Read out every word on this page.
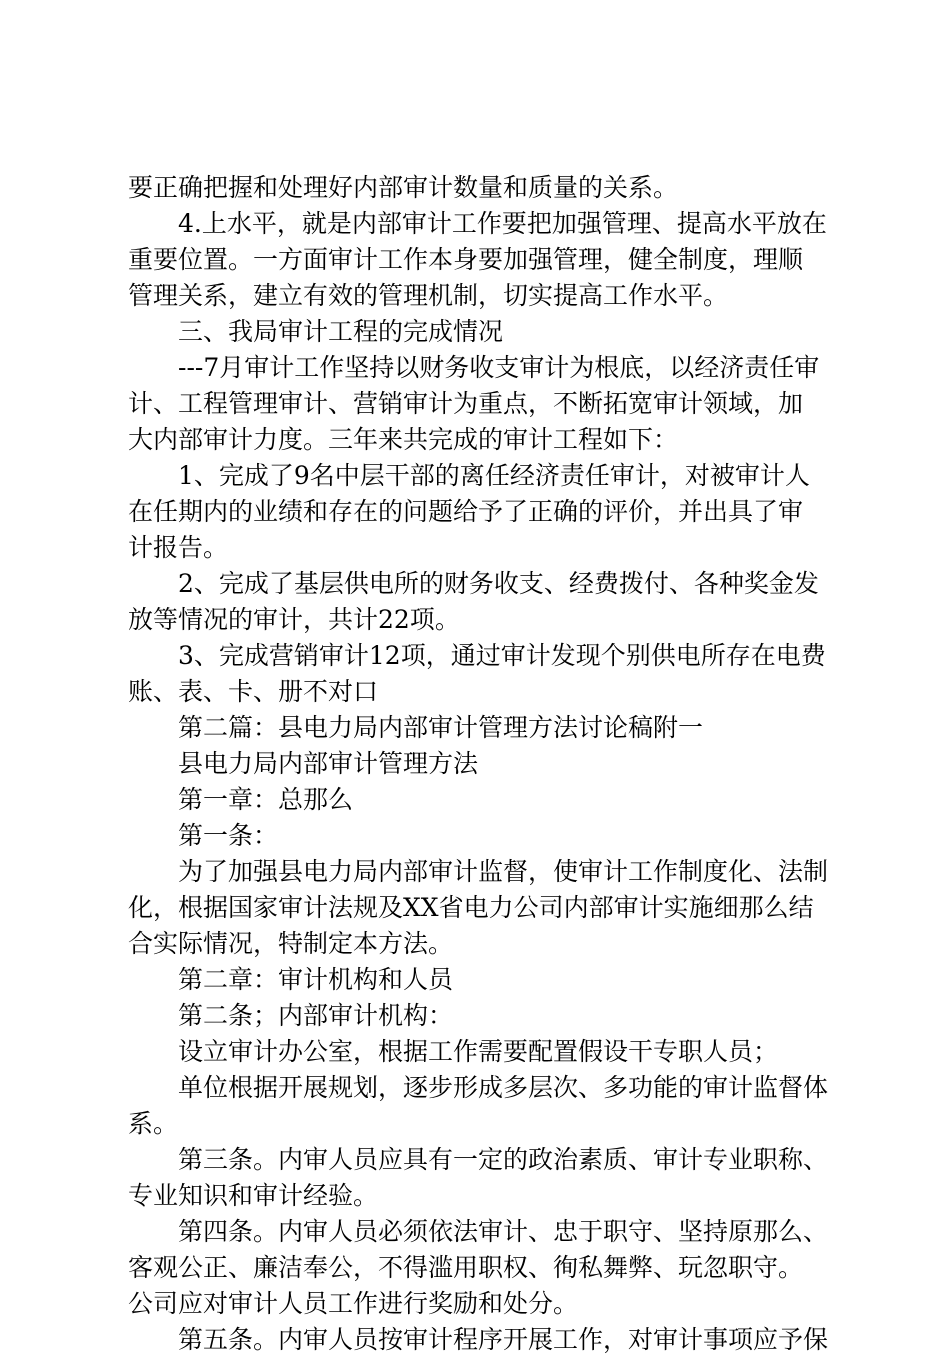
要正确把握和处理好内部审计数量和质量的关系。
4.上水平，就是内部审计工作要把加强管理、提高水平放在
重要位置。一方面审计工作本身要加强管理，健全制度，理顺
管理关系，建立有效的管理机制，切实提高工作水平。
三、我局审计工程的完成情况
---7月审计工作坚持以财务收支审计为根底，以经济责任审
计、工程管理审计、营销审计为重点，不断拓宽审计领域，加
大内部审计力度。三年来共完成的审计工程如下：
1、完成了9名中层干部的离任经济责任审计，对被审计人
在任期内的业绩和存在的问题给予了正确的评价，并出具了审
计报告。
2、完成了基层供电所的财务收支、经费拨付、各种奖金发
放等情况的审计，共计22项。
3、完成营销审计12项，通过审计发现个别供电所存在电费
账、表、卡、册不对口
第二篇：县电力局内部审计管理方法讨论稿附一
县电力局内部审计管理方法
第一章：总那么
第一条：
为了加强县电力局内部审计监督，使审计工作制度化、法制
化，根据国家审计法规及XX省电力公司内部审计实施细那么结
合实际情况，特制定本方法。
第二章：审计机构和人员
第二条；内部审计机构：
设立审计办公室，根据工作需要配置假设干专职人员；
单位根据开展规划，逐步形成多层次、多功能的审计监督体
系。
第三条。内审人员应具有一定的政治素质、审计专业职称、
专业知识和审计经验。
第四条。内审人员必须依法审计、忠于职守、坚持原那么、
客观公正、廉洁奉公，不得滥用职权、徇私舞弊、玩忽职守。
公司应对审计人员工作进行奖励和处分。
第五条。内审人员按审计程序开展工作，对审计事项应予保
